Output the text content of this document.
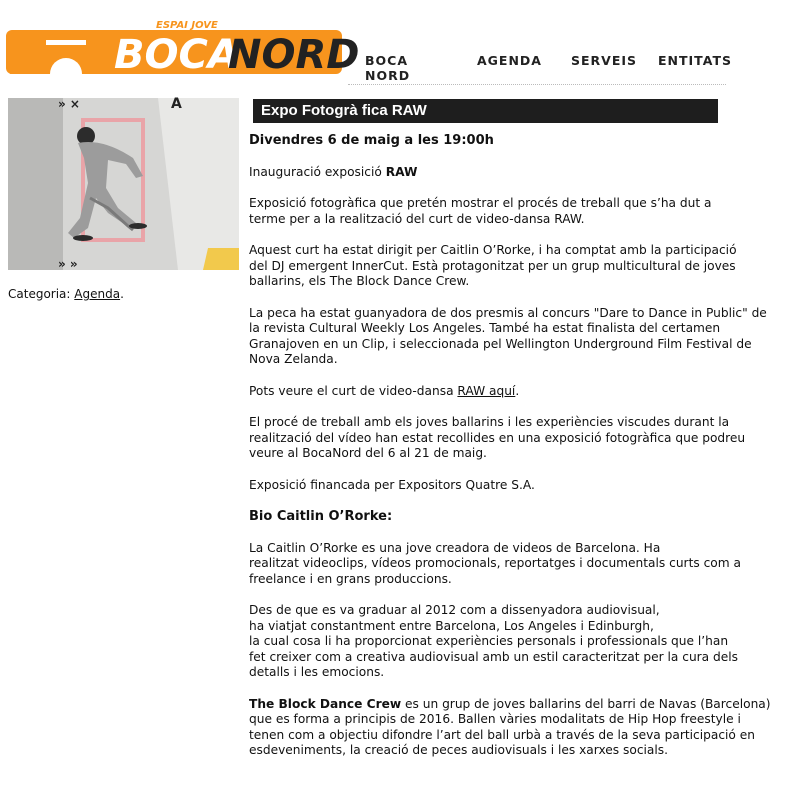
ESPAI JOVE
BOCA
NORD BOCA NORD
AGENDA SERVEIS ENTITATS
» ×	A
» »
Categoria: Agenda.
Expo Fotogrà fica RAW
Divendres 6 de maig a les 19:00h

Inauguració exposició RAW

Exposició fotogràfica que pretén mostrar el procés de treball que s’ha dut a
terme per a la realització del curt de video-dansa RAW.

Aquest curt ha estat dirigit per Caitlin O’Rorke, i ha comptat amb la participació
del DJ emergent InnerCut. Està protagonitzat per un grup multicultural de joves
ballarins, els The Block Dance Crew.

La peca ha estat guanyadora de dos presmis al concurs "Dare to Dance in Public" de
la revista Cultural Weekly Los Angeles. També ha estat finalista del certamen
Granajoven en un Clip, i seleccionada pel Wellington Underground Film Festival de
Nova Zelanda.

Pots veure el curt de video-dansa RAW aquí.

El procé de treball amb els joves ballarins i les experiències viscudes durant la
realització del vídeo han estat recollides en una exposició fotogràfica que podreu
veure al BocaNord del 6 al 21 de maig.

Exposició financada per Expositors Quatre S.A.

Bio Caitlin O’Rorke:

La Caitlin O’Rorke es una jove creadora de videos de Barcelona. Ha
realitzat videoclips, vídeos promocionals, reportatges i documentals curts com a
freelance i en grans produccions.

Des de que es va graduar al 2012 com a dissenyadora audiovisual,
ha viatjat constantment entre Barcelona, Los Angeles i Edinburgh,
la cual cosa li ha proporcionat experiències personals i professionals que l’han
fet creixer com a creativa audiovisual amb un estil caracteritzat per la cura dels
detalls i les emocions.

The Block Dance Crew es un grup de joves ballarins del barri de Navas (Barcelona)
que es forma a principis de 2016. Ballen vàries modalitats de Hip Hop freestyle i
tenen com a objectiu difondre l’art del ball urbà a través de la seva participació en
esdeveniments, la creació de peces audiovisuals i les xarxes socials.
